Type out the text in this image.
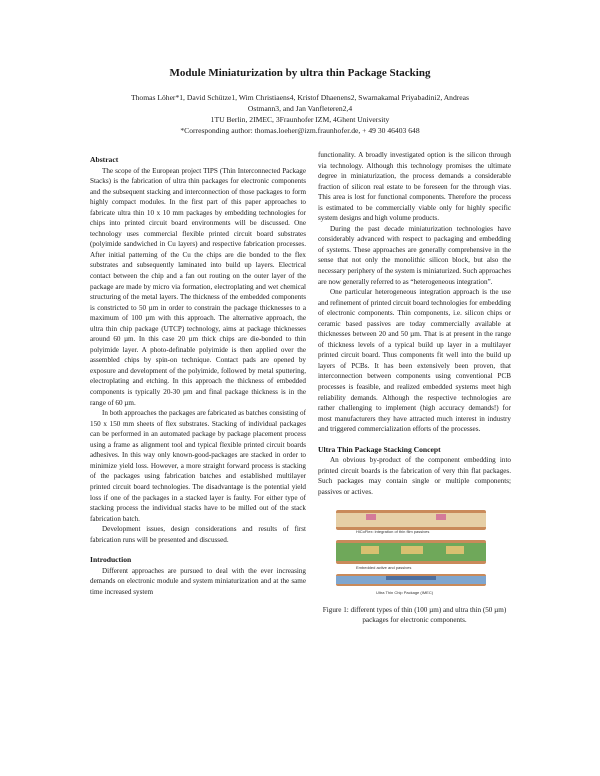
Module Miniaturization by ultra thin Package Stacking
Thomas Löher*1, David Schütze1, Wim Christiaens4, Kristof Dhaenens2, Swarnakamal Priyabadini2, Andreas
Ostmann3, and Jan Vanfleteren2,4
1TU Berlin, 2IMEC, 3Fraunhofer IZM, 4Ghent University
*Corresponding author: thomas.loeher@izm.fraunhofer.de, + 49 30 46403 648

Abstract

The scope of the European project TIPS (Thin Interconnected Package Stacks) is the fabrication of ultra thin packages for electronic components and the subsequent stacking and interconnection of those packages to form highly compact modules. In the first part of this paper approaches to fabricate ultra thin 10 x 10 mm packages by embedding technologies for chips into printed circuit board environments will be discussed. One technology uses commercial flexible printed circuit board substrates (polyimide sandwiched in Cu layers) and respective fabrication processes. After initial patterning of the Cu the chips are die bonded to the flex substrates and subsequently laminated into build up layers. Electrical contact between the chip and a fan out routing on the outer layer of the package are made by micro via formation, electroplating and wet chemical structuring of the metal layers. The thickness of the embedded components is constricted to 50 µm in order to constrain the package thicknesses to a maximum of 100 µm with this approach. The alternative approach, the ultra thin chip package (UTCP) technology, aims at package thicknesses around 60 µm. In this case 20 µm thick chips are die-bonded to thin polyimide layer. A photo-definable polyimide is then applied over the assembled chips by spin-on technique. Contact pads are opened by exposure and development of the polyimide, followed by metal sputtering, electroplating and etching. In this approach the thickness of embedded components is typically 20-30 µm and final package thickness is in the range of 60 µm.

In both approaches the packages are fabricated as batches consisting of 150 x 150 mm sheets of flex substrates. Stacking of individual packages can be performed in an automated package by package placement process using a frame as alignment tool and typical flexible printed circuit boards adhesives. In this way only known-good-packages are stacked in order to minimize yield loss. However, a more straight forward process is stacking of the packages using fabrication batches and established multilayer printed circuit board technologies. The disadvantage is the potential yield loss if one of the packages in a stacked layer is faulty. For either type of stacking process the individual stacks have to be milled out of the stack fabrication batch.

Development issues, design considerations and results of first fabrication runs will be presented and discussed.

Introduction

Different approaches are pursued to deal with the ever increasing demands on electronic module and system miniaturization and at the same time increased system

functionality. A broadly investigated option is the silicon through via technology. Although this technology promises the ultimate degree in miniaturization, the process demands a considerable fraction of silicon real estate to be foreseen for the through vias. This area is lost for functional components. Therefore the process is estimated to be commercially viable only for highly specific system designs and high volume products.

During the past decade miniaturization technologies have considerably advanced with respect to packaging and embedding of systems. These approaches are generally comprehensive in the sense that not only the monolithic silicon block, but also the necessary periphery of the system is miniaturized. Such approaches are now generally referred to as “heterogeneous integration”.

One particular heterogeneous integration approach is the use and refinement of printed circuit board technologies for embedding of electronic components. Thin components, i.e. silicon chips or ceramic based passives are today commercially available at thicknesses between 20 and 50 µm. That is at present in the range of thickness levels of a typical build up layer in a multilayer printed circuit board. Thus components fit well into the build up layers of PCBs. It has been extensively been proven, that interconnection between components using conventional PCB processes is feasible, and realized embedded systems meet high reliability demands. Although the respective technologies are rather challenging to implement (high accuracy demands!) for most manufacturers they have attracted much interest in industry and triggered commercialization efforts of the processes.

Ultra Thin Package Stacking Concept

An obvious by-product of the component embedding into printed circuit boards is the fabrication of very thin flat packages. Such packages may contain single or multiple components; passives or actives.

HiCoFlex: integration of thin film passives
Embedded active and passives
Ultra Thin Chip Package (IMEC)

Figure 1: different types of thin (100 µm) and ultra thin (50 µm) packages for electronic components.
